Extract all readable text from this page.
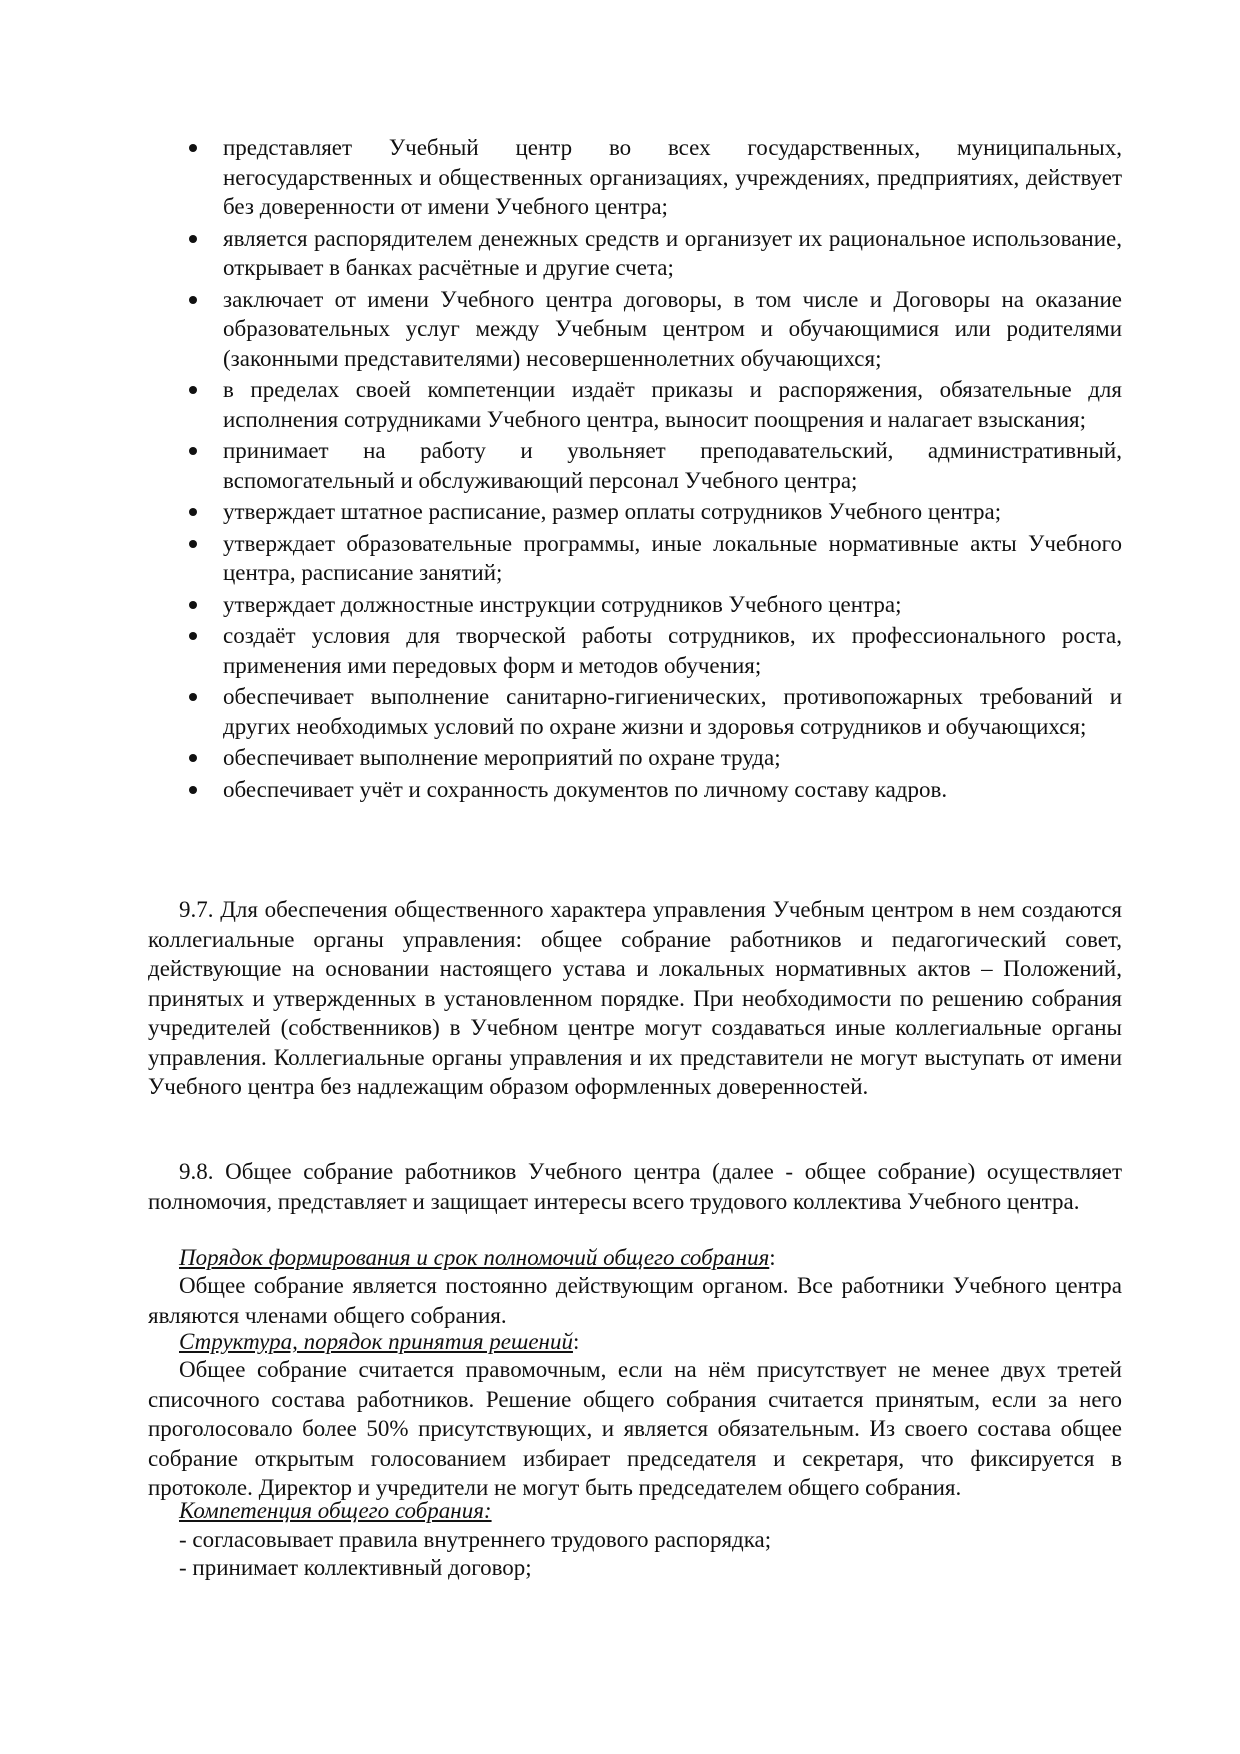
представляет Учебный центр во всех государственных, муниципальных, негосударственных и общественных организациях, учреждениях, предприятиях, действует без доверенности от имени Учебного центра;
является распорядителем денежных средств и организует их рациональное использование, открывает в банках расчётные и другие счета;
заключает от имени Учебного центра договоры, в том числе и Договоры на оказание образовательных услуг между Учебным центром и обучающимися или родителями (законными представителями) несовершеннолетних обучающихся;
в пределах своей компетенции издаёт приказы и распоряжения, обязательные для исполнения сотрудниками Учебного центра, выносит поощрения и налагает взыскания;
принимает на работу и увольняет преподавательский, административный, вспомогательный и обслуживающий персонал Учебного центра;
утверждает штатное расписание, размер оплаты сотрудников Учебного центра;
утверждает образовательные программы, иные локальные нормативные акты Учебного центра, расписание занятий;
утверждает должностные инструкции сотрудников Учебного центра;
создаёт условия для творческой работы сотрудников, их профессионального роста, применения ими передовых форм и методов обучения;
обеспечивает выполнение санитарно-гигиенических, противопожарных требований и других необходимых условий по охране жизни и здоровья сотрудников и обучающихся;
обеспечивает выполнение мероприятий по охране труда;
обеспечивает учёт и сохранность документов по личному составу кадров.

9.7. Для обеспечения общественного характера управления Учебным центром в нем создаются коллегиальные органы управления: общее собрание работников и педагогический совет, действующие на основании настоящего устава и локальных нормативных актов – Положений, принятых и утвержденных в установленном порядке. При необходимости по решению собрания учредителей (собственников) в Учебном центре могут создаваться иные коллегиальные органы управления. Коллегиальные органы управления и их представители не могут выступать от имени Учебного центра без надлежащим образом оформленных доверенностей.

9.8. Общее собрание работников Учебного центра (далее - общее собрание) осуществляет полномочия, представляет и защищает интересы всего трудового коллектива Учебного центра.

Порядок формирования и срок полномочий общего собрания:

Общее собрание является постоянно действующим органом. Все работники Учебного центра являются членами общего собрания.

Структура, порядок принятия решений:

Общее собрание считается правомочным, если на нём присутствует не менее двух третей списочного состава работников. Решение общего собрания считается принятым, если за него проголосовало более 50% присутствующих, и является обязательным. Из своего состава общее собрание открытым голосованием избирает председателя и секретаря, что фиксируется в протоколе. Директор и учредители не могут быть председателем общего собрания.

Компетенция общего собрания:

- согласовывает правила внутреннего трудового распорядка;

- принимает коллективный договор;
